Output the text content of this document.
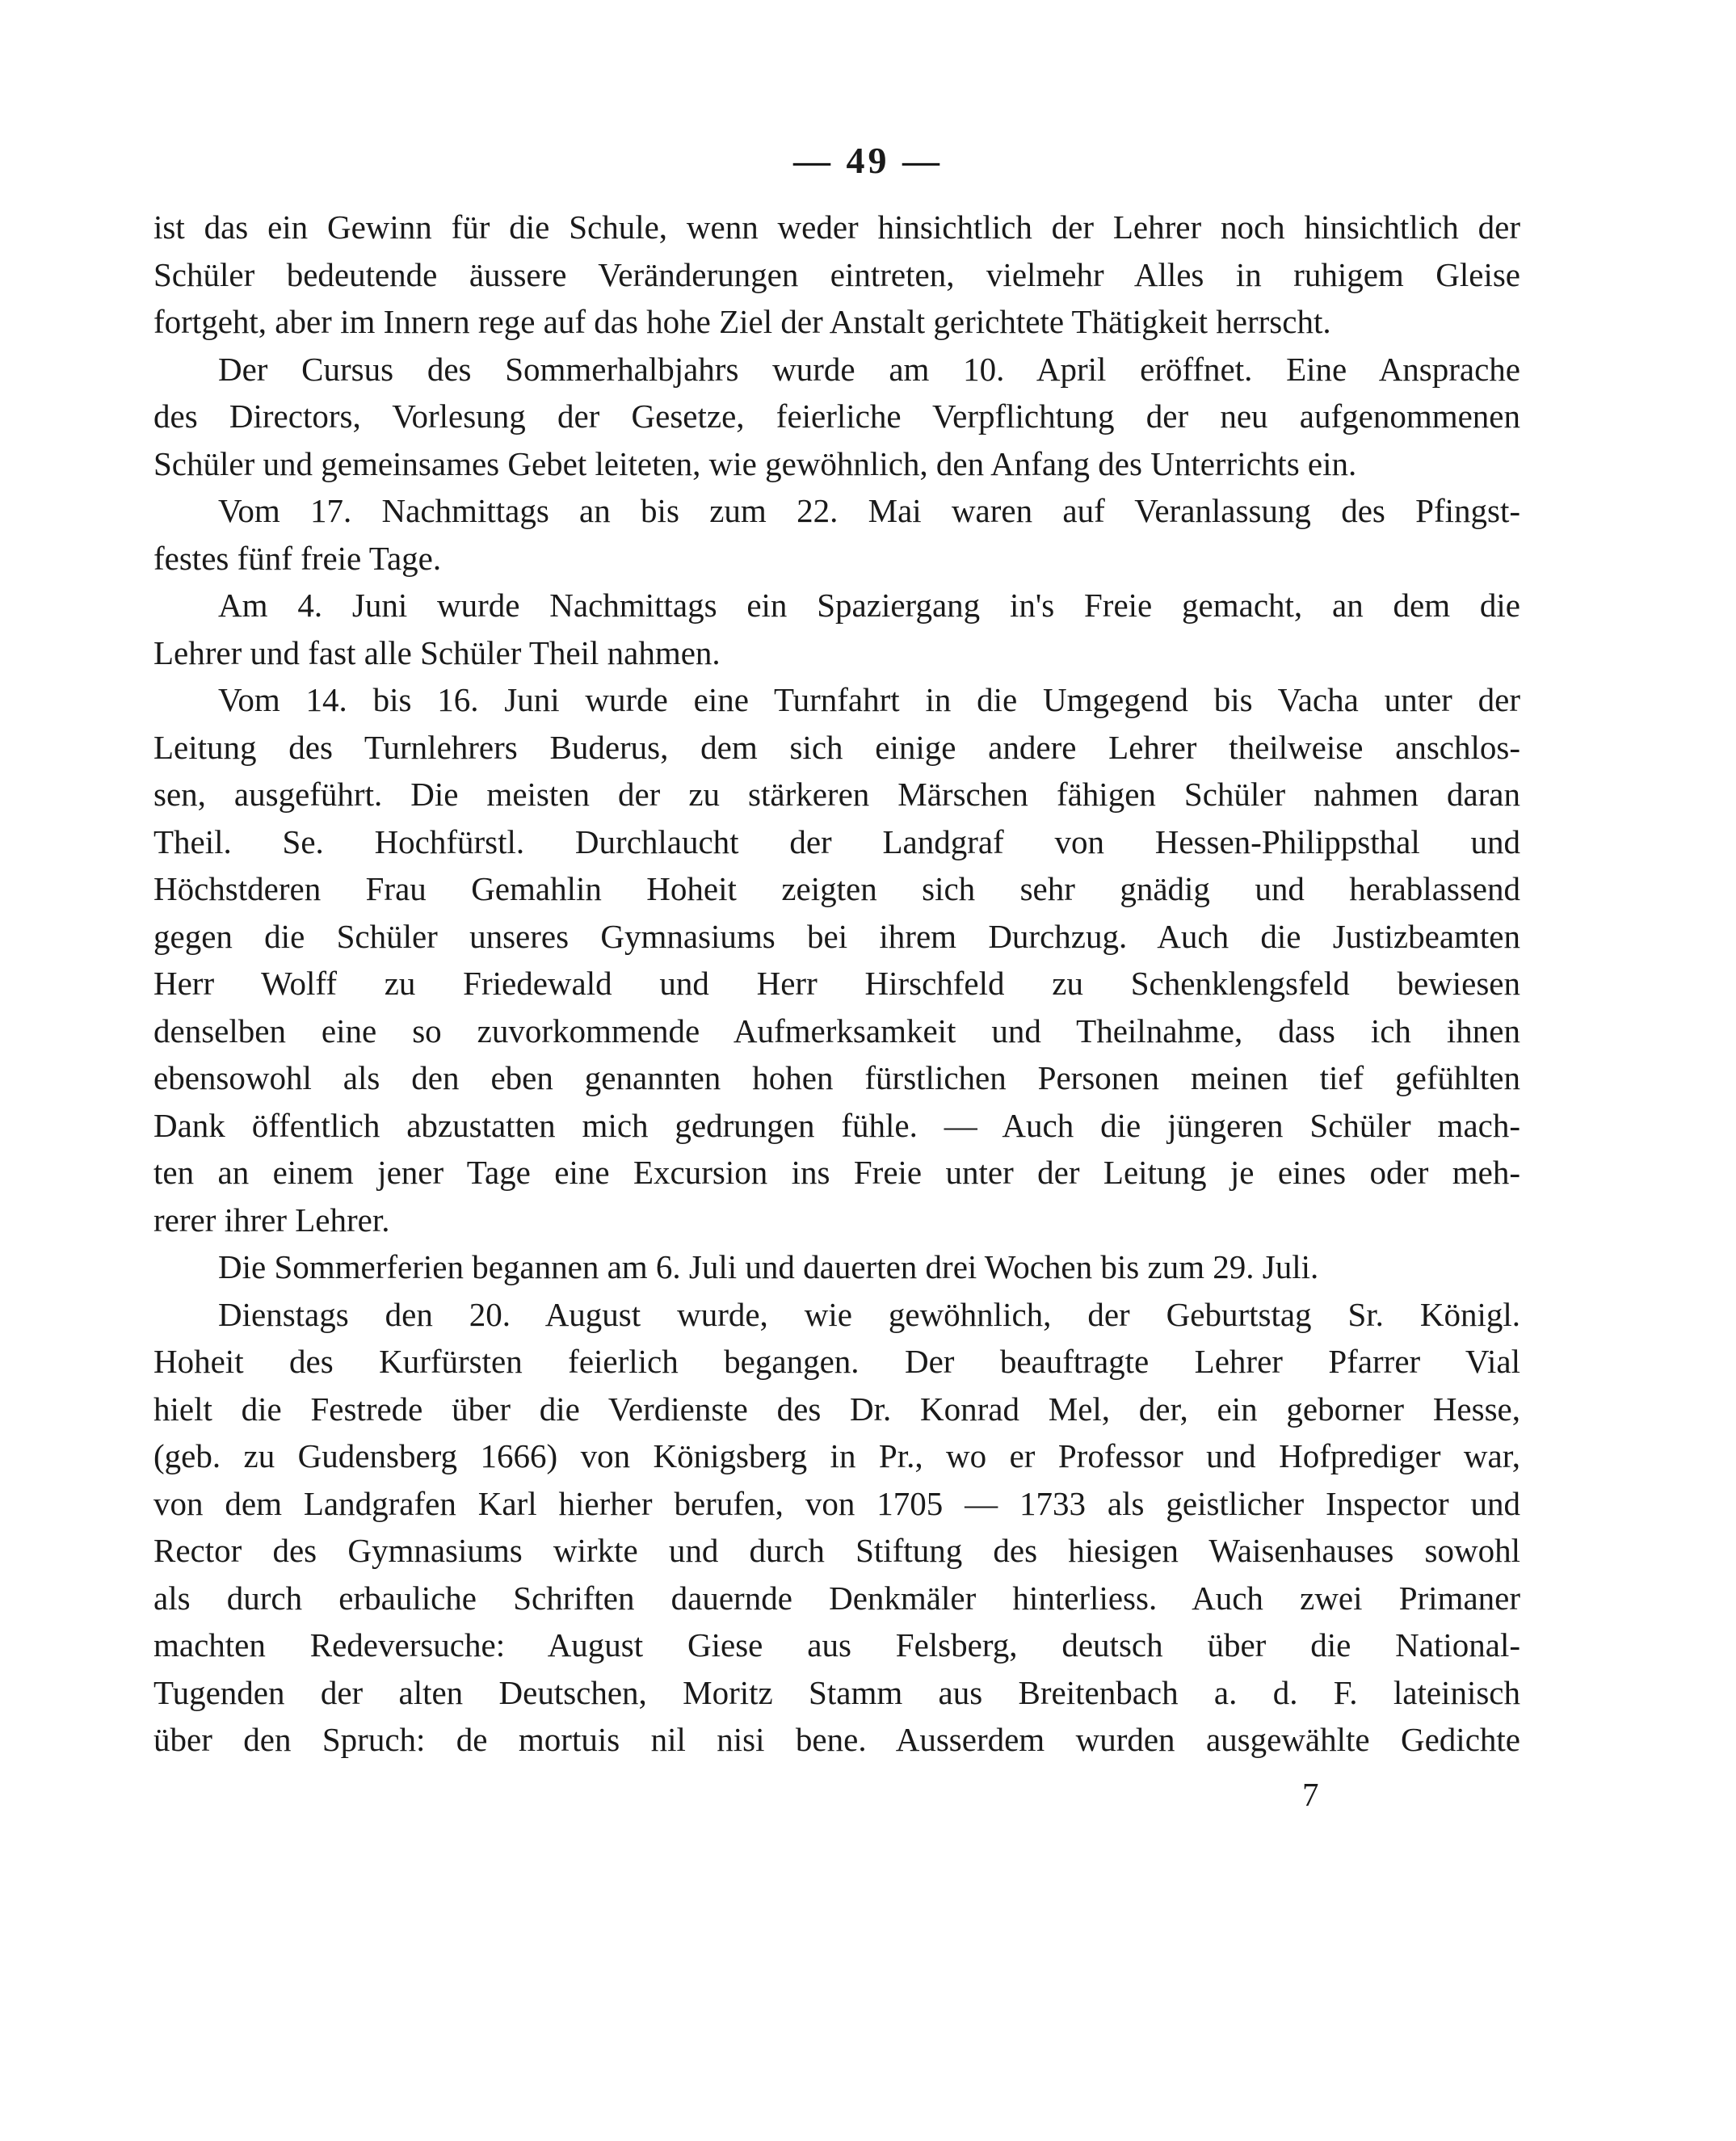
— 49 —
ist das ein Gewinn für die Schule, wenn weder hinsichtlich der Lehrer noch hinsichtlich der
Schüler bedeutende äussere Veränderungen eintreten, vielmehr Alles in ruhigem Gleise
fortgeht, aber im Innern rege auf das hohe Ziel der Anstalt gerichtete Thätigkeit herrscht.
Der Cursus des Sommerhalbjahrs wurde am 10. April eröffnet. Eine Ansprache
des Directors, Vorlesung der Gesetze, feierliche Verpflichtung der neu aufgenommenen
Schüler und gemeinsames Gebet leiteten, wie gewöhnlich, den Anfang des Unterrichts ein.
Vom 17. Nachmittags an bis zum 22. Mai waren auf Veranlassung des Pfingst-
festes fünf freie Tage.
Am 4. Juni wurde Nachmittags ein Spaziergang in's Freie gemacht, an dem die
Lehrer und fast alle Schüler Theil nahmen.
Vom 14. bis 16. Juni wurde eine Turnfahrt in die Umgegend bis Vacha unter der
Leitung des Turnlehrers Buderus, dem sich einige andere Lehrer theilweise anschlos-
sen, ausgeführt. Die meisten der zu stärkeren Märschen fähigen Schüler nahmen daran
Theil. Se. Hochfürstl. Durchlaucht der Landgraf von Hessen-Philippsthal und
Höchstderen Frau Gemahlin Hoheit zeigten sich sehr gnädig und herablassend
gegen die Schüler unseres Gymnasiums bei ihrem Durchzug. Auch die Justizbeamten
Herr Wolff zu Friedewald und Herr Hirschfeld zu Schenklengsfeld bewiesen
denselben eine so zuvorkommende Aufmerksamkeit und Theilnahme, dass ich ihnen
ebensowohl als den eben genannten hohen fürstlichen Personen meinen tief gefühlten
Dank öffentlich abzustatten mich gedrungen fühle. — Auch die jüngeren Schüler mach-
ten an einem jener Tage eine Excursion ins Freie unter der Leitung je eines oder meh-
rerer ihrer Lehrer.
Die Sommerferien begannen am 6. Juli und dauerten drei Wochen bis zum 29. Juli.
Dienstags den 20. August wurde, wie gewöhnlich, der Geburtstag Sr. Königl.
Hoheit des Kurfürsten feierlich begangen. Der beauftragte Lehrer Pfarrer Vial
hielt die Festrede über die Verdienste des Dr. Konrad Mel, der, ein geborner Hesse,
(geb. zu Gudensberg 1666) von Königsberg in Pr., wo er Professor und Hofprediger war,
von dem Landgrafen Karl hierher berufen, von 1705 — 1733 als geistlicher Inspector und
Rector des Gymnasiums wirkte und durch Stiftung des hiesigen Waisenhauses sowohl
als durch erbauliche Schriften dauernde Denkmäler hinterliess. Auch zwei Primaner
machten Redeversuche: August Giese aus Felsberg, deutsch über die National-
Tugenden der alten Deutschen, Moritz Stamm aus Breitenbach a. d. F. lateinisch
über den Spruch: de mortuis nil nisi bene. Ausserdem wurden ausgewählte Gedichte
7
